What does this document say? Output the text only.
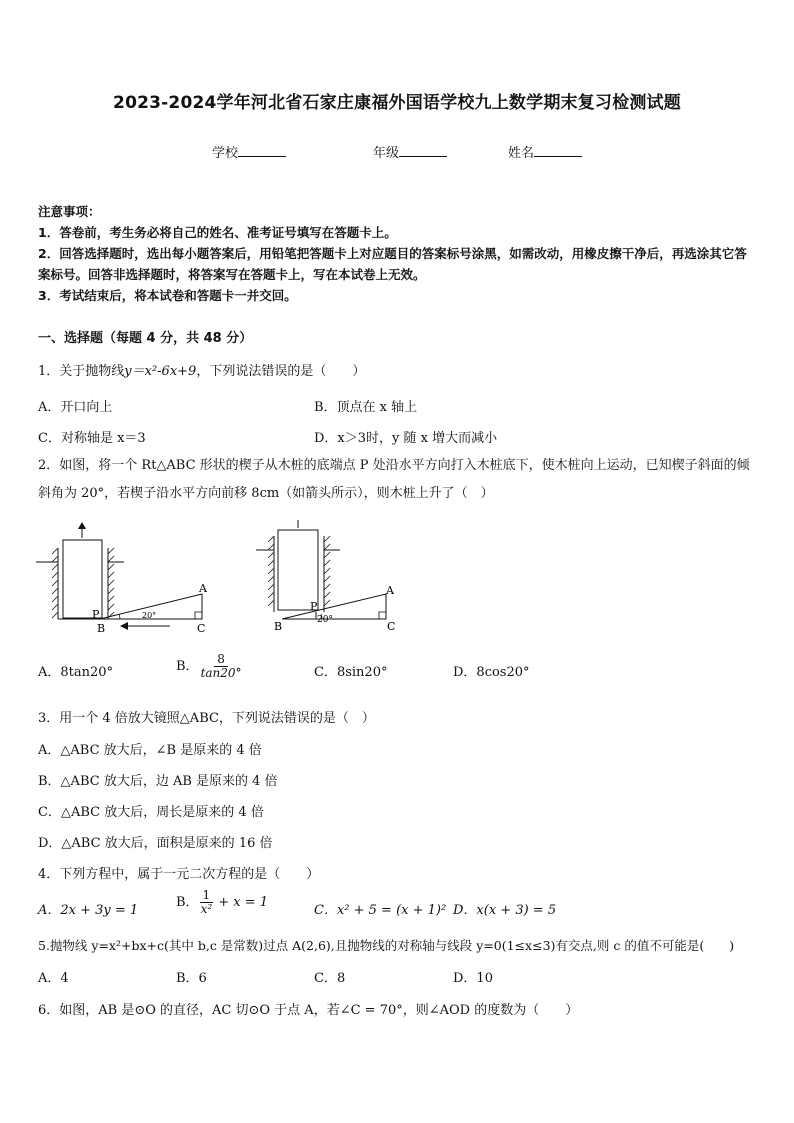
2023-2024学年河北省石家庄康福外国语学校九上数学期末复习检测试题
学校	年级	姓名
注意事项：
1．答卷前，考生务必将自己的姓名、准考证号填写在答题卡上。
2．回答选择题时，选出每小题答案后，用铅笔把答题卡上对应题目的答案标号涂黑，如需改动，用橡皮擦干净后，再选涂其它答案标号。回答非选择题时，将答案写在答题卡上，写在本试卷上无效。
3．考试结束后，将本试卷和答题卡一并交回。
一、选择题（每题 4 分，共 48 分）
1．关于抛物线y＝x²-6x+9，下列说法错误的是（　　）
A．开口向上	B．顶点在 x 轴上
C．对称轴是 x＝3	D．x＞3时，y 随 x 增大而减小
2．如图，将一个 Rt△ABC 形状的楔子从木桩的底端点 P 处沿水平方向打入木桩底下，使木桩向上运动，已知楔子斜面的倾斜角为 20°，若楔子沿水平方向前移 8cm（如箭头所示），则木桩上升了（　）
P
B
A
C
20°
P
B
A
C
20°
A．8tan20°	B． $\frac{8}{\tan 20^\circ}$	C．8sin20°	D．8cos20°
3．用一个 4 倍放大镜照△ABC，下列说法错误的是（　）
A．△ABC 放大后，∠B 是原来的 4 倍
B．△ABC 放大后，边 AB 是原来的 4 倍
C．△ABC 放大后，周长是原来的 4 倍
D．△ABC 放大后，面积是原来的 16 倍
4．下列方程中，属于一元二次方程的是（　　）
A．2x + 3y = 1
B． $\frac{1}{\text{x²}} + x = 1$
C．x² + 5 = (x + 1)² D．x(x + 3) = 5
5.抛物线 y=x²+bx+c(其中 b,c 是常数)过点 A(2,6),且抛物线的对称轴与线段 y=0(1≤x≤3)有交点,则 c 的值不可能是(　　)
A．4	B．6	C．8	D．10
6．如图，AB 是⊙O 的直径，AC 切⊙O 于点 A，若∠C = 70°，则∠AOD 的度数为（　　）
